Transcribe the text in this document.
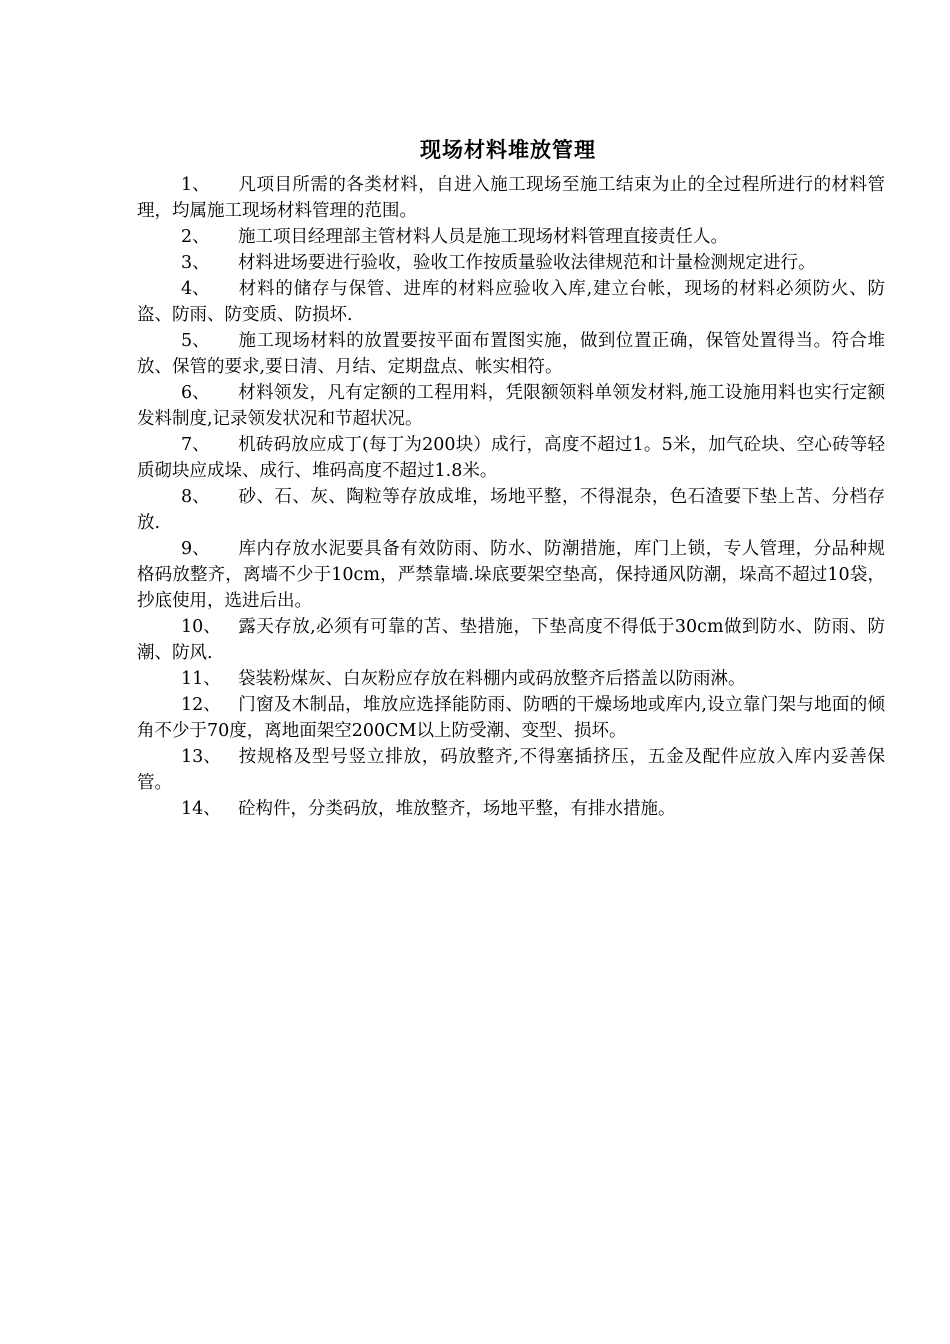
现场材料堆放管理

1、 凡项目所需的各类材料，自进入施工现场至施工结束为止的全过程所进行的材料管理，均属施工现场材料管理的范围。

2、 施工项目经理部主管材料人员是施工现场材料管理直接责任人。

3、 材料进场要进行验收，验收工作按质量验收法律规范和计量检测规定进行。

4、 材料的储存与保管、进库的材料应验收入库,建立台帐，现场的材料必须防火、防盗、防雨、防变质、防损坏.

5、 施工现场材料的放置要按平面布置图实施，做到位置正确，保管处置得当。符合堆放、保管的要求,要日清、月结、定期盘点、帐实相符。

6、 材料领发，凡有定额的工程用料，凭限额领料单领发材料,施工设施用料也实行定额发料制度,记录领发状况和节超状况。

7、 机砖码放应成丁(每丁为200块）成行，高度不超过1。5米，加气砼块、空心砖等轻质砌块应成垛、成行、堆码高度不超过1.8米。

8、 砂、石、灰、陶粒等存放成堆，场地平整，不得混杂，色石渣要下垫上苫、分档存放.

9、 库内存放水泥要具备有效防雨、防水、防潮措施，库门上锁，专人管理，分品种规格码放整齐，离墙不少于10cm，严禁靠墙.垛底要架空垫高，保持通风防潮，垛高不超过10袋，抄底使用，选进后出。

10、 露天存放,必须有可靠的苫、垫措施，下垫高度不得低于30cm做到防水、防雨、防潮、防风.

11、 袋装粉煤灰、白灰粉应存放在料棚内或码放整齐后搭盖以防雨淋。

12、 门窗及木制品，堆放应选择能防雨、防晒的干燥场地或库内,设立靠门架与地面的倾角不少于70度，离地面架空200CM以上防受潮、变型、损坏。

13、 按规格及型号竖立排放，码放整齐,不得塞插挤压，五金及配件应放入库内妥善保管。

14、 砼构件，分类码放，堆放整齐，场地平整，有排水措施。
